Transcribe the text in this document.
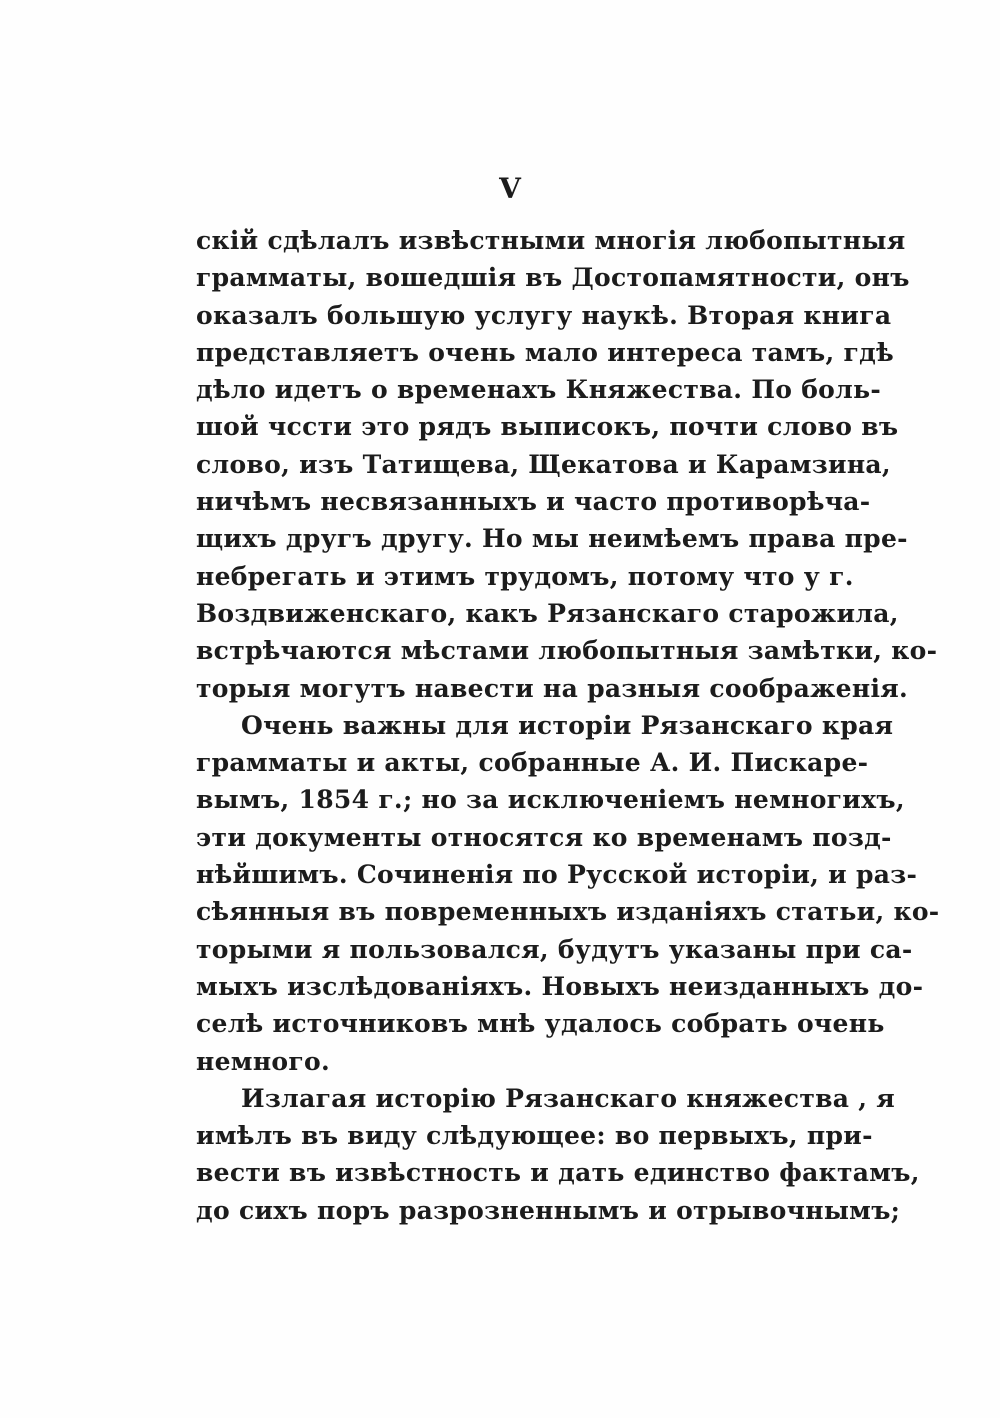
V
скій сдѣлалъ извѣстными многія любопытныя
грамматы, вошедшія въ Достопамятности, онъ
оказалъ большую услугу наукѣ. Вторая книга
представляетъ очень мало интереса тамъ, гдѣ
дѣло идетъ о временахъ Княжества. По боль-
шой чссти это рядъ выписокъ, почти слово въ
слово, изъ Татищева, Щекатова и Карамзина,
ничѣмъ несвязанныхъ и часто противорѣча-
щихъ другъ другу. Но мы неимѣемъ права пре-
небрегать и этимъ трудомъ, потому что у г.
Воздвиженскаго, какъ Рязанскаго старожила,
встрѣчаются мѣстами любопытныя замѣтки, ко-
торыя могутъ навести на разныя соображенія.
Очень важны для исторіи Рязанскаго края
грамматы и акты, собранные А. И. Пискаре-
вымъ, 1854 г.; но за исключеніемъ немногихъ,
эти документы относятся ко временамъ позд-
нѣйшимъ. Сочиненія по Русской исторіи, и раз-
сѣянныя въ повременныхъ изданіяхъ статьи, ко-
торыми я пользовался, будутъ указаны при са-
мыхъ изслѣдованіяхъ. Новыхъ неизданныхъ до-
селѣ источниковъ мнѣ удалось собрать очень
немного.
Излагая исторію Рязанскаго княжества , я
имѣлъ въ виду слѣдующее: во первыхъ, при-
вести въ извѣстность и дать единство фактамъ,
до сихъ поръ разрозненнымъ и отрывочнымъ;
